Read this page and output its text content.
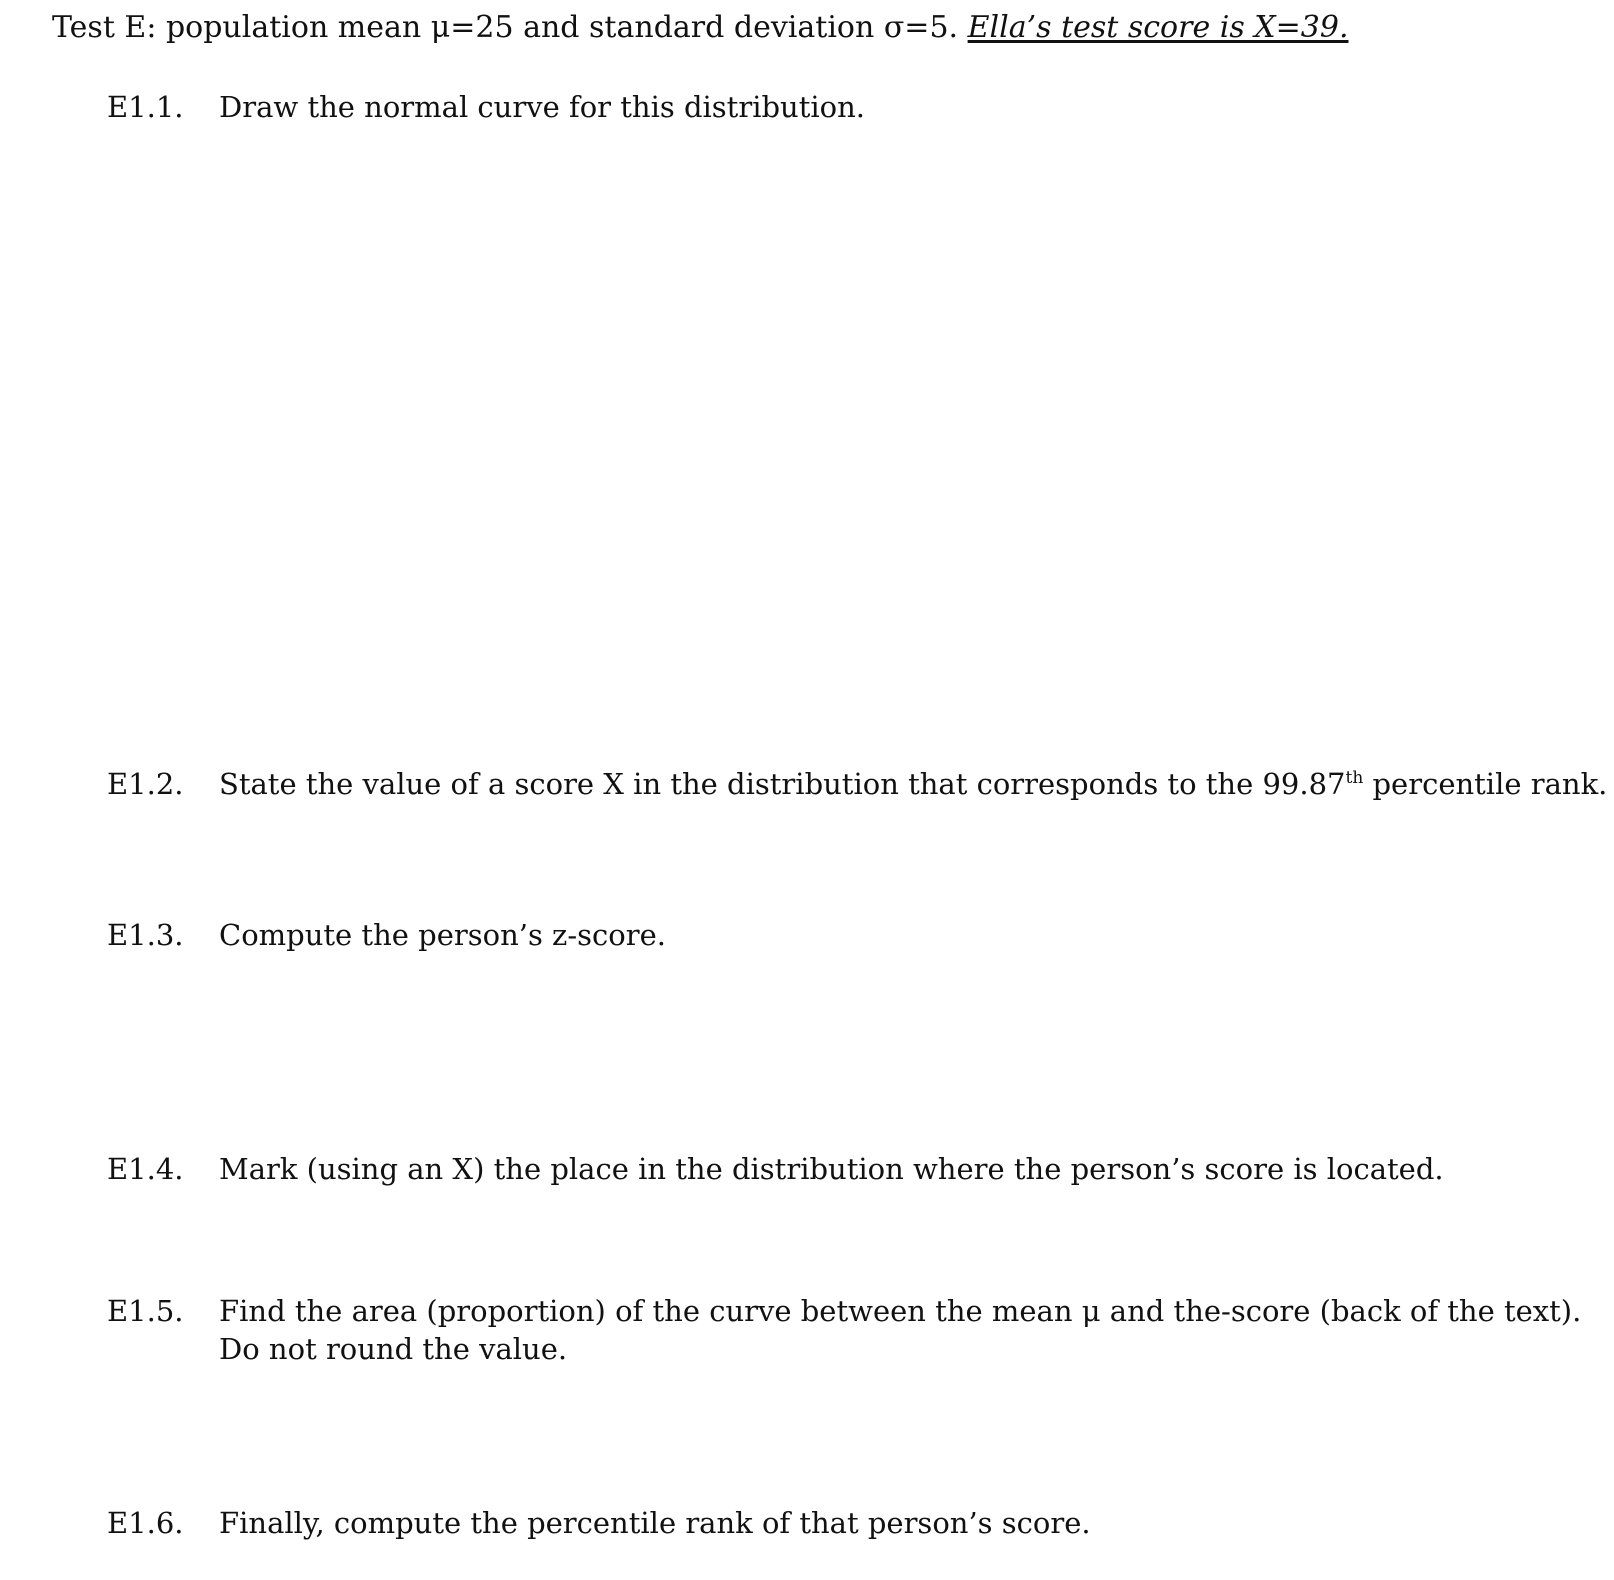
Test E: population mean μ=25 and standard deviation σ=5. Ella’s test score is X=39.
E1.1. Draw the normal curve for this distribution.
E1.2. State the value of a score X in the distribution that corresponds to the 99.87th percentile rank.
E1.3. Compute the person’s z-score.
E1.4. Mark (using an X) the place in the distribution where the person’s score is located.
E1.5. Find the area (proportion) of the curve between the mean μ and the-score (back of the text).
Do not round the value.
E1.6. Finally, compute the percentile rank of that person’s score.
